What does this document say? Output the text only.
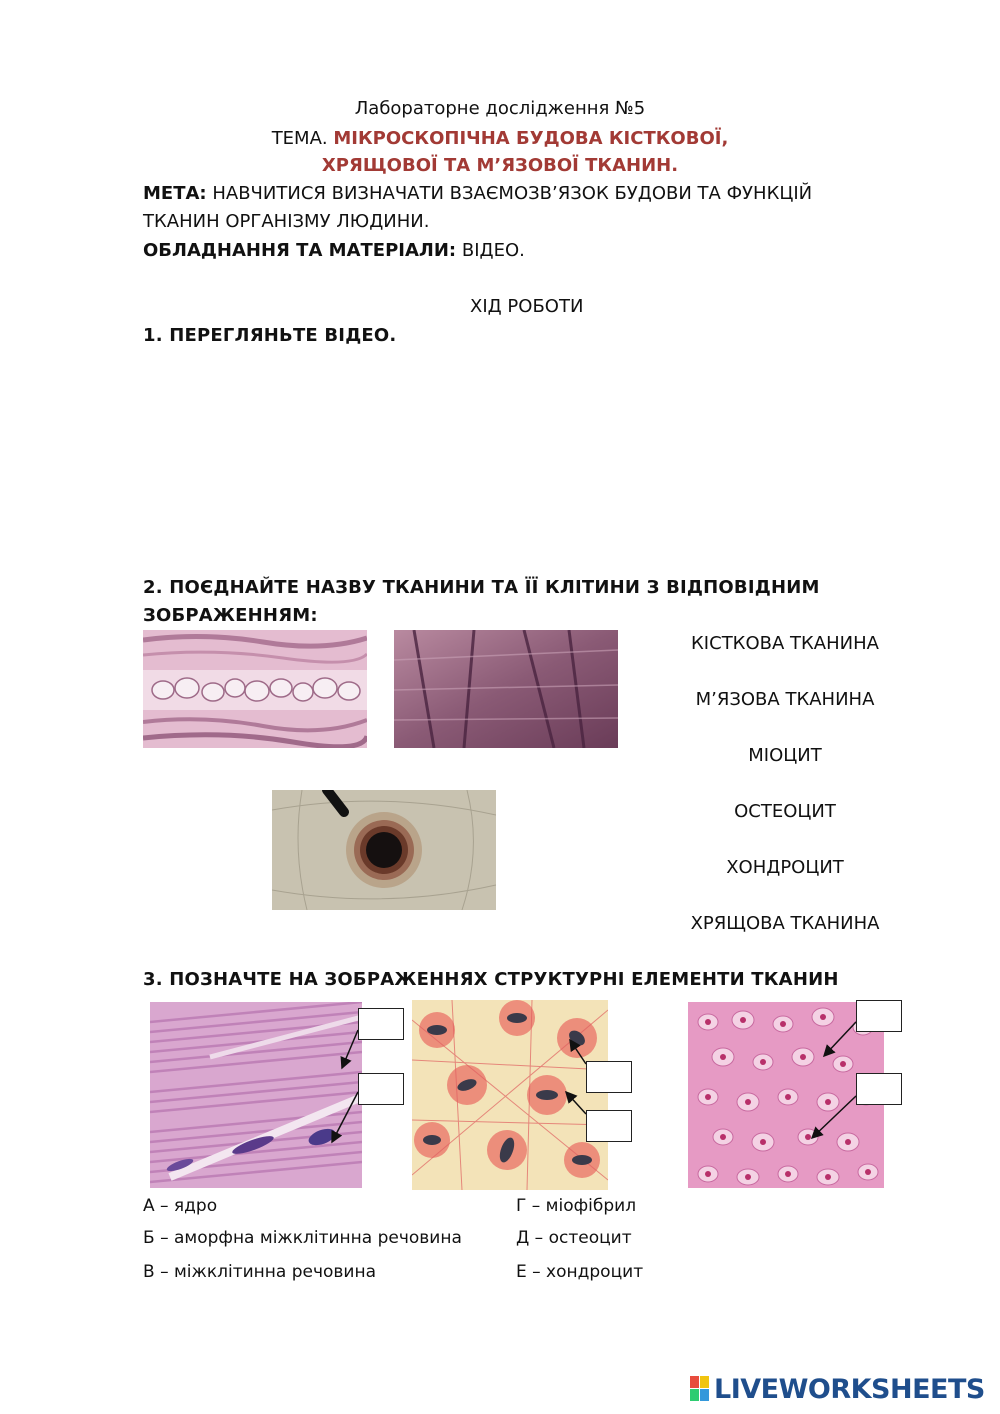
Лабораторне дослідження №5
ТЕМА. МІКРОСКОПІЧНА БУДОВА КІСТКОВОЇ,
ХРЯЩОВОЇ ТА М’ЯЗОВОЇ ТКАНИН.
МЕТА: НАВЧИТИСЯ ВИЗНАЧАТИ ВЗАЄМОЗВ’ЯЗОК БУДОВИ ТА ФУНКЦІЙ
ТКАНИН ОРГАНІЗМУ ЛЮДИНИ.
ОБЛАДНАННЯ ТА МАТЕРІАЛИ: ВІДЕО.
ХІД РОБОТИ
1. ПЕРЕГЛЯНЬТЕ ВІДЕО.
2. ПОЄДНАЙТЕ НАЗВУ ТКАНИНИ ТА ЇЇ КЛІТИНИ З ВІДПОВІДНИМ
ЗОБРАЖЕННЯМ:
КІСТКОВА ТКАНИНА
М’ЯЗОВА ТКАНИНА
МІОЦИТ
ОСТЕОЦИТ
ХОНДРОЦИТ
ХРЯЩОВА ТКАНИНА
3. ПОЗНАЧТЕ НА ЗОБРАЖЕННЯХ СТРУКТУРНІ ЕЛЕМЕНТИ ТКАНИН
А – ядро
Б – аморфна міжклітинна речовина
В – міжклітинна речовина
Г – міофібрил
Д – остеоцит
Е – хондроцит
LIVEWORKSHEETS
